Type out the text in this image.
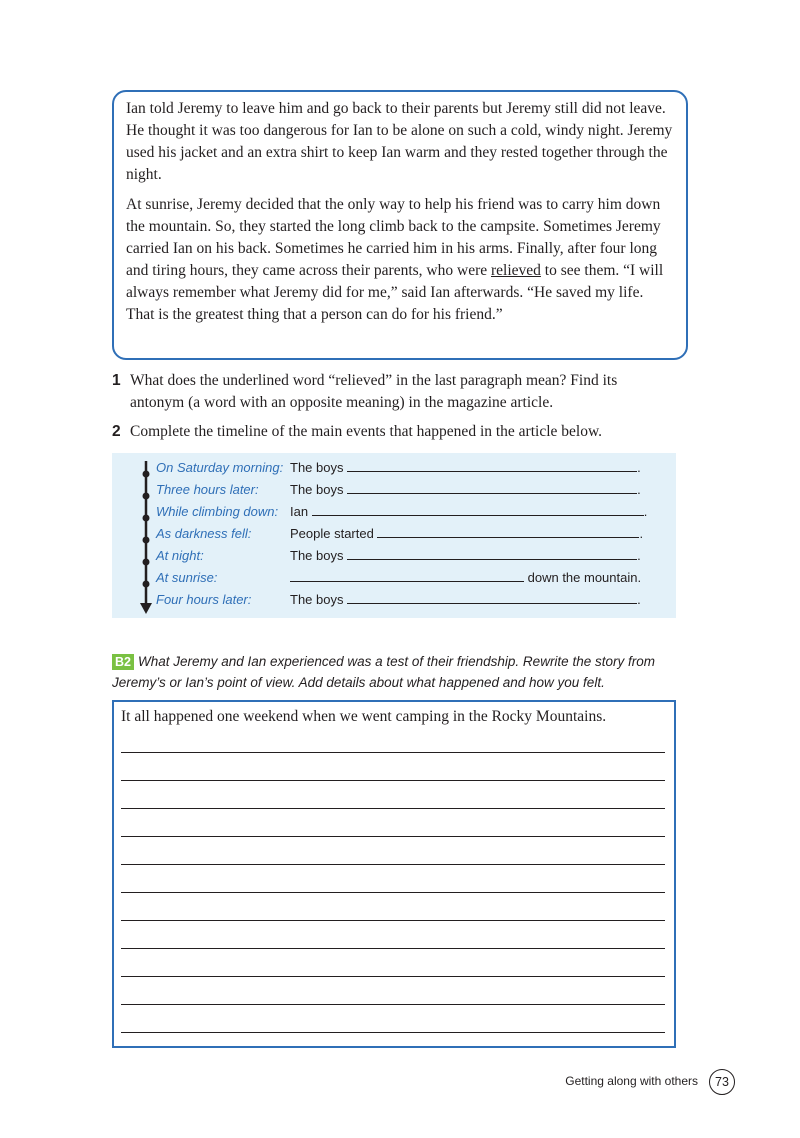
Ian told Jeremy to leave him and go back to their parents but Jeremy still did not leave. He thought it was too dangerous for Ian to be alone on such a cold, windy night. Jeremy used his jacket and an extra shirt to keep Ian warm and they rested together through the night.

At sunrise, Jeremy decided that the only way to help his friend was to carry him down the mountain. So, they started the long climb back to the campsite. Sometimes Jeremy carried Ian on his back. Sometimes he carried him in his arms. Finally, after four long and tiring hours, they came across their parents, who were relieved to see them. “I will always remember what Jeremy did for me,” said Ian afterwards. “He saved my life. That is the greatest thing that a person can do for his friend.”

1 What does the underlined word “relieved” in the last paragraph mean? Find its antonym (a word with an opposite meaning) in the magazine article.
2 Complete the timeline of the main events that happened in the article below.
On Saturday morning: The boys	.
Three hours later: The boys	.
While climbing down: Ian	.
As darkness fell:	People started	.
At night:	The boys	.
At sunrise:	down the mountain.
Four hours later:	The boys	.
B2 What Jeremy and Ian experienced was a test of their friendship. Rewrite the story from Jeremy’s or Ian’s point of view. Add details about what happened and how you felt.
It all happened one weekend when we went camping in the Rocky Mountains.
Getting along with others	73
